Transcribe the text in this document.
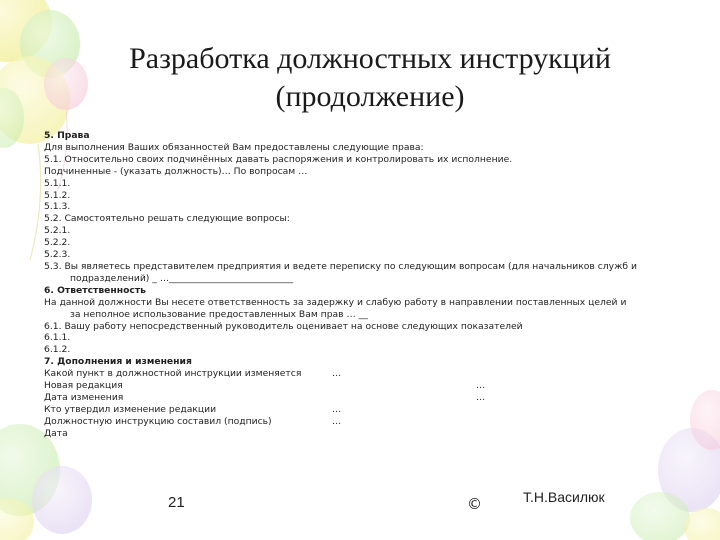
Разработка должностных инструкций
(продолжение)
5. Права
Для выполнения Ваших обязанностей Вам предоставлены следующие права:
5.1. Относительно своих подчинённых давать распоряжения и контролировать их исполнение.
Подчиненные - (указать должность)… По вопросам …
5.1.1.
5.1.2.
5.1.3.
5.2. Самостоятельно решать следующие вопросы:
5.2.1.
5.2.2.
5.2.3.
5.3. Вы являетесь представителем предприятия и ведете переписку по следующим вопросам (для начальников служб и
подразделений) _ …___________________________
6. Ответственность
На данной должности Вы несете ответственность за задержку и слабую работу в направлении поставленных целей и
за неполное использование предоставленных Вам прав … __
6.1. Вашу работу непосредственный руководитель оценивает на основе следующих показателей
6.1.1.
6.1.2.
7. Дополнения и изменения
Какой пункт в должностной инструкции изменяется	…
Новая редакция	…
Дата изменения	…
Кто утвердил изменение редакции	…
Должностную инструкцию составил (подпись)	…
Дата
21	©	Т.Н.Василюк
